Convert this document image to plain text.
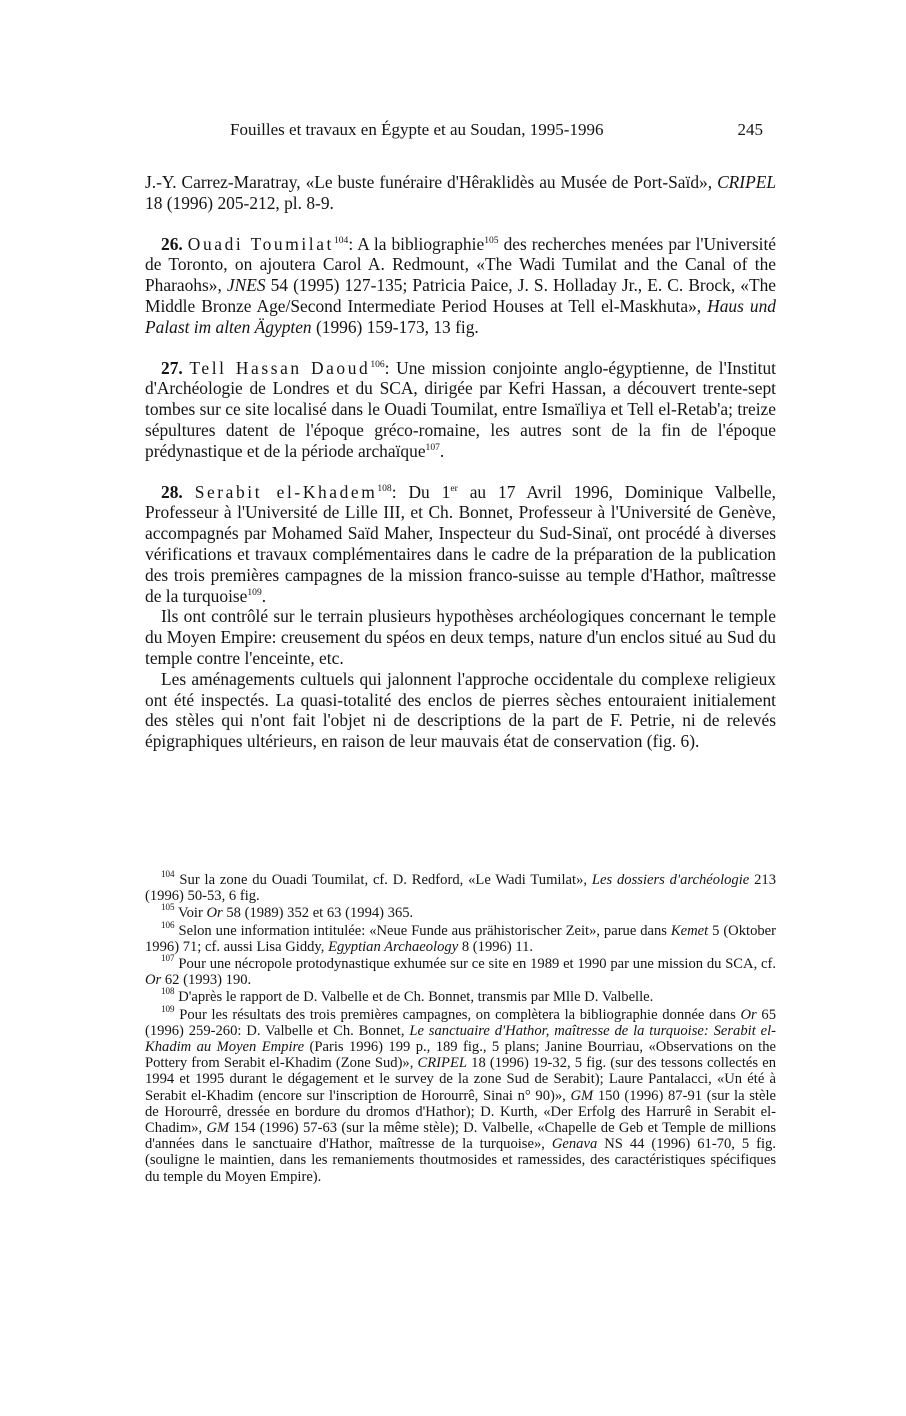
Fouilles et travaux en Égypte et au Soudan, 1995-1996	245

J.-Y. Carrez-Maratray, «Le buste funéraire d'Hêraklidès au Musée de Port-Saïd», CRIPEL 18 (1996) 205-212, pl. 8-9.

26. Ouadi Toumilat$^{104}$: A la bibliographie$^{105}$ des recherches menées par l'Université de Toronto, on ajoutera Carol A. Redmount, «The Wadi Tumilat and the Canal of the Pharaohs», JNES 54 (1995) 127-135; Patricia Paice, J. S. Holladay Jr., E. C. Brock, «The Middle Bronze Age/Second Intermediate Period Houses at Tell el-Maskhuta», Haus und Palast im alten Ägypten (1996) 159-173, 13 fig.

27. Tell Hassan Daoud$^{106}$: Une mission conjointe anglo-égyptienne, de l'Institut d'Archéologie de Londres et du SCA, dirigée par Kefri Hassan, a découvert trente-sept tombes sur ce site localisé dans le Ouadi Toumilat, entre Ismaïliya et Tell el-Retab'a; treize sépultures datent de l'époque gréco-romaine, les autres sont de la fin de l'époque prédynastique et de la période archaïque$^{107}$.

28. Serabit el-Khadem$^{108}$: Du 1er au 17 Avril 1996, Dominique Valbelle, Professeur à l'Université de Lille III, et Ch. Bonnet, Professeur à l'Université de Genève, accompagnés par Mohamed Saïd Maher, Inspecteur du Sud-Sinaï, ont procédé à diverses vérifications et travaux complémentaires dans le cadre de la préparation de la publication des trois premières campagnes de la mission franco-suisse au temple d'Hathor, maîtresse de la turquoise$^{109}$.

Ils ont contrôlé sur le terrain plusieurs hypothèses archéologiques concernant le temple du Moyen Empire: creusement du spéos en deux temps, nature d'un enclos situé au Sud du temple contre l'enceinte, etc.

Les aménagements cultuels qui jalonnent l'approche occidentale du complexe religieux ont été inspectés. La quasi-totalité des enclos de pierres sèches entouraient initialement des stèles qui n'ont fait l'objet ni de descriptions de la part de F. Petrie, ni de relevés épigraphiques ultérieurs, en raison de leur mauvais état de conservation (fig. 6).

$^{104}$ Sur la zone du Ouadi Toumilat, cf. D. Redford, «Le Wadi Tumilat», Les dossiers d'archéologie 213 (1996) 50-53, 6 fig.

$^{105}$ Voir Or 58 (1989) 352 et 63 (1994) 365.

$^{106}$ Selon une information intitulée: «Neue Funde aus prähistorischer Zeit», parue dans Kemet 5 (Oktober 1996) 71; cf. aussi Lisa Giddy, Egyptian Archaeology 8 (1996) 11.

$^{107}$ Pour une nécropole protodynastique exhumée sur ce site en 1989 et 1990 par une mission du SCA, cf. Or 62 (1993) 190.

$^{108}$ D'après le rapport de D. Valbelle et de Ch. Bonnet, transmis par Mlle D. Valbelle.

$^{109}$ Pour les résultats des trois premières campagnes, on complètera la bibliographie donnée dans Or 65 (1996) 259-260: D. Valbelle et Ch. Bonnet, Le sanctuaire d'Hathor, maîtresse de la turquoise: Serabit el-Khadim au Moyen Empire (Paris 1996) 199 p., 189 fig., 5 plans; Janine Bourriau, «Observations on the Pottery from Serabit el-Khadim (Zone Sud)», CRIPEL 18 (1996) 19-32, 5 fig. (sur des tessons collectés en 1994 et 1995 durant le dégagement et le survey de la zone Sud de Serabit); Laure Pantalacci, «Un été à Serabit el-Khadim (encore sur l'inscription de Horourrê, Sinai n° 90)», GM 150 (1996) 87-91 (sur la stèle de Horourrê, dressée en bordure du dromos d'Hathor); D. Kurth, «Der Erfolg des Harrurê in Serabit el-Chadim», GM 154 (1996) 57-63 (sur la même stèle); D. Valbelle, «Chapelle de Geb et Temple de millions d'années dans le sanctuaire d'Hathor, maîtresse de la turquoise», Genava NS 44 (1996) 61-70, 5 fig. (souligne le maintien, dans les remaniements thoutmosides et ramessides, des caractéristiques spécifiques du temple du Moyen Empire).
